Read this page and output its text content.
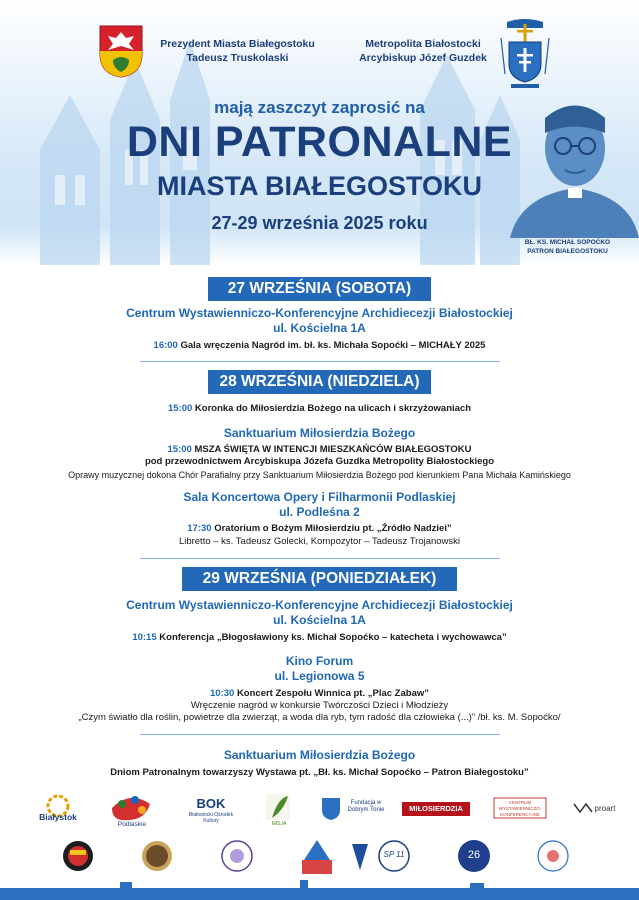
Prezydent Miasta Białegostoku
Tadeusz Truskolaski
Metropolita Białostocki
Arcybiskup Józef Guzdek
mają zaszczyt zaprosić na
DNI PATRONALNE
MIASTA BIAŁEGOSTOKU
27-29 września 2025 roku
BŁ. KS. MICHAŁ SOPOĆKO
PATRON BIAŁEGOSTOKU
27 WRZEŚNIA (SOBOTA)
Centrum Wystawienniczo-Konferencyjne Archidiecezji Białostockiej
ul. Kościelna 1A
16:00 Gala wręczenia Nagród im. bł. ks. Michała Sopoćki – MICHAŁY 2025
28 WRZEŚNIA (NIEDZIELA)
15:00 Koronka do Miłosierdzia Bożego na ulicach i skrzyżowaniach
Sanktuarium Miłosierdzia Bożego
15:00 MSZA ŚWIĘTA W INTENCJI MIESZKAŃCÓW BIAŁEGOSTOKU
pod przewodnictwem Arcybiskupa Józefa Guzdka Metropolity Białostockiego
Oprawy muzycznej dokona Chór Parafialny przy Sanktuarium Miłosierdzia Bożego pod kierunkiem Pana Michała Kamińskiego
Sala Koncertowa Opery i Filharmonii Podlaskiej
ul. Podleśna 2
17:30 Oratorium o Bożym Miłosierdziu pt. „Źródło Nadziei”
Libretto – ks. Tadeusz Golecki, Kompozytor – Tadeusz Trojanowski
29 WRZEŚNIA (PONIEDZIAŁEK)
Centrum Wystawienniczo-Konferencyjne Archidiecezji Białostockiej
ul. Kościelna 1A
10:15 Konferencja „Błogosławiony ks. Michał Sopoćko – katecheta i wychowawca”
Kino Forum
ul. Legionowa 5
10:30 Koncert Zespołu Winnica pt. „Plac Zabaw”
Wręczenie nagród w konkursie Twórczości Dzieci i Młodzieży
„Czym światło dla roślin, powietrze dla zwierząt, a woda dla ryb, tym radość dla człowieka (...)” /bł. ks. M. Sopoćko/
Sanktuarium Miłosierdzia Bożego
Dniom Patronalnym towarzyszy Wystawa pt. „Bł. ks. Michał Sopoćko – Patron Białegostoku”
Białystok
Podlaskie
BOK
Białostocki Ośrodek Kultury	MISJA
Fundacja w Dobrym Tonie	MIŁOSIERDZIA
CENTRUM WYSTAWIENNICZO-KONFERENCYJNE
proart
SP 11	26
